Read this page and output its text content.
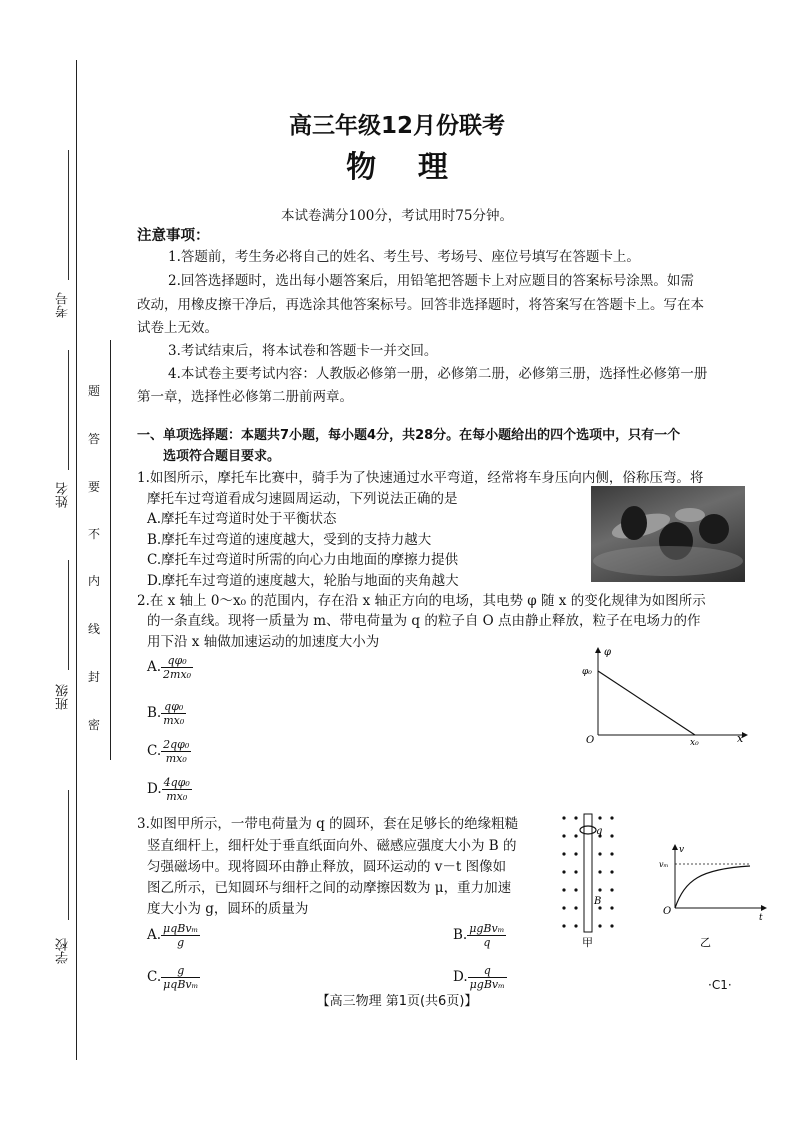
考号
姓名
班级
学校
题
答
要
不
内
线
封
密
高三年级12月份联考
物    理
本试卷满分100分，考试用时75分钟。
注意事项：
1.答题前，考生务必将自己的姓名、考生号、考场号、座位号填写在答题卡上。
2.回答选择题时，选出每小题答案后，用铅笔把答题卡上对应题目的答案标号涂黑。如需
改动，用橡皮擦干净后，再选涂其他答案标号。回答非选择题时，将答案写在答题卡上。写在本
试卷上无效。
3.考试结束后，将本试卷和答题卡一并交回。
4.本试卷主要考试内容：人教版必修第一册，必修第二册，必修第三册，选择性必修第一册
第一章，选择性必修第二册前两章。
一、单项选择题：本题共7小题，每小题4分，共28分。在每小题给出的四个选项中，只有一个
选项符合题目要求。
1.如图所示，摩托车比赛中，骑手为了快速通过水平弯道，经常将车身压向内侧，俗称压弯。将
摩托车过弯道看成匀速圆周运动，下列说法正确的是
A.摩托车过弯道时处于平衡状态
B.摩托车过弯道的速度越大，受到的支持力越大
C.摩托车过弯道时所需的向心力由地面的摩擦力提供
D.摩托车过弯道的速度越大，轮胎与地面的夹角越大
2.在 x 轴上 0～x₀ 的范围内，存在沿 x 轴正方向的电场，其电势 φ 随 x 的变化规律为如图所示
的一条直线。现将一质量为 m、带电荷量为 q 的粒子自 O 点由静止释放，粒子在电场力的作
用下沿 x 轴做加速运动的加速度大小为
A. $\frac{\text{qφ₀}}{\text{2mx₀}}$
B. $\frac{\text{qφ₀}}{\text{mx₀}}$
C. $\frac{\text{2qφ₀}}{\text{mx₀}}$
D. $\frac{\text{4qφ₀}}{\text{mx₀}}$
φ
x
O
φ₀
x₀
3.如图甲所示，一带电荷量为 q 的圆环，套在足够长的绝缘粗糙
竖直细杆上，细杆处于垂直纸面向外、磁感应强度大小为 B 的
匀强磁场中。现将圆环由静止释放，圆环运动的 v－t 图像如
图乙所示，已知圆环与细杆之间的动摩擦因数为 μ，重力加速
度大小为 g，圆环的质量为
A. $\frac{\text{μqBvₘ}}{g}$	B. $\frac{\text{μgBvₘ}}{q}$
C. $\frac{g}{\text{μqBvₘ}}$	D. $\frac{q}{\text{μgBvₘ}}$
q
B
甲
v
t
O
vₘ
乙
【高三物理 第1页(共6页)】
·C1·
